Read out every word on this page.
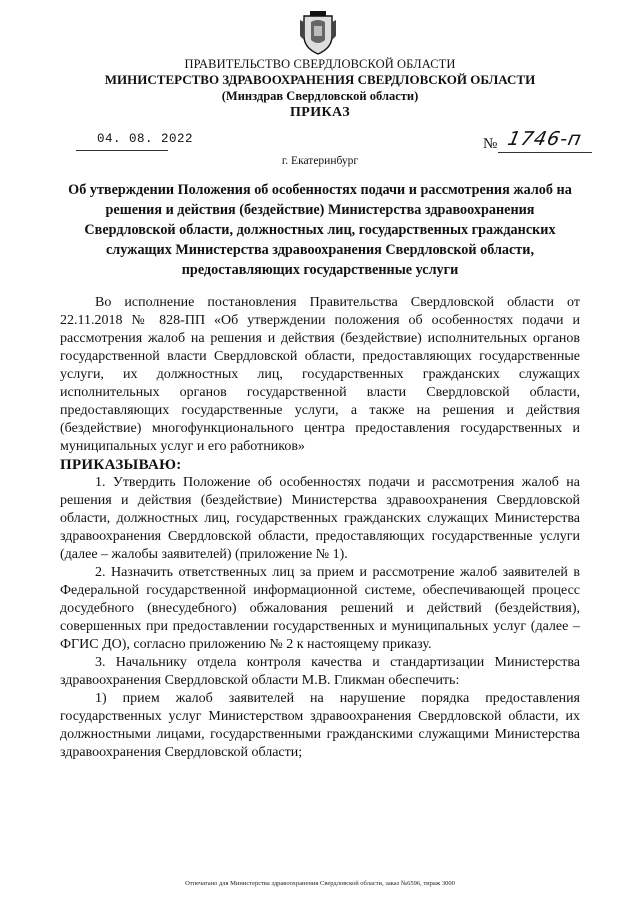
ПРАВИТЕЛЬСТВО СВЕРДЛОВСКОЙ ОБЛАСТИ
МИНИСТЕРСТВО ЗДРАВООХРАНЕНИЯ СВЕРДЛОВСКОЙ ОБЛАСТИ
(Минздрав Свердловской области)
ПРИКАЗ
04. 08. 2022	№ 1746-п
г. Екатеринбург

Об утверждении Положения об особенностях подачи и рассмотрения жалоб на решения и действия (бездействие) Министерства здравоохранения Свердловской области, должностных лиц, государственных гражданских служащих Министерства здравоохранения Свердловской области, предоставляющих государственные услуги

Во исполнение постановления Правительства Свердловской области от 22.11.2018 № 828-ПП «Об утверждении положения об особенностях подачи и рассмотрения жалоб на решения и действия (бездействие) исполнительных органов государственной власти Свердловской области, предоставляющих государственные услуги, их должностных лиц, государственных гражданских служащих исполнительных органов государственной власти Свердловской области, предоставляющих государственные услуги, а также на решения и действия (бездействие) многофункционального центра предоставления государственных и муниципальных услуг и его работников»

ПРИКАЗЫВАЮ:

1. Утвердить Положение об особенностях подачи и рассмотрения жалоб на решения и действия (бездействие) Министерства здравоохранения Свердловской области, должностных лиц, государственных гражданских служащих Министерства здравоохранения Свердловской области, предоставляющих государственные услуги (далее – жалобы заявителей) (приложение № 1).

2. Назначить ответственных лиц за прием и рассмотрение жалоб заявителей в Федеральной государственной информационной системе, обеспечивающей процесс досудебного (внесудебного) обжалования решений и действий (бездействия), совершенных при предоставлении государственных и муниципальных услуг (далее – ФГИС ДО), согласно приложению № 2 к настоящему приказу.

3. Начальнику отдела контроля качества и стандартизации Министерства здравоохранения Свердловской области М.В. Гликман обеспечить:

1) прием жалоб заявителей на нарушение порядка предоставления государственных услуг Министерством здравоохранения Свердловской области, их должностными лицами, государственными гражданскими служащими Министерства здравоохранения Свердловской области;

Отпечатано для Министерства здравоохранения Свердловской области, заказ №6596, тираж 3000
